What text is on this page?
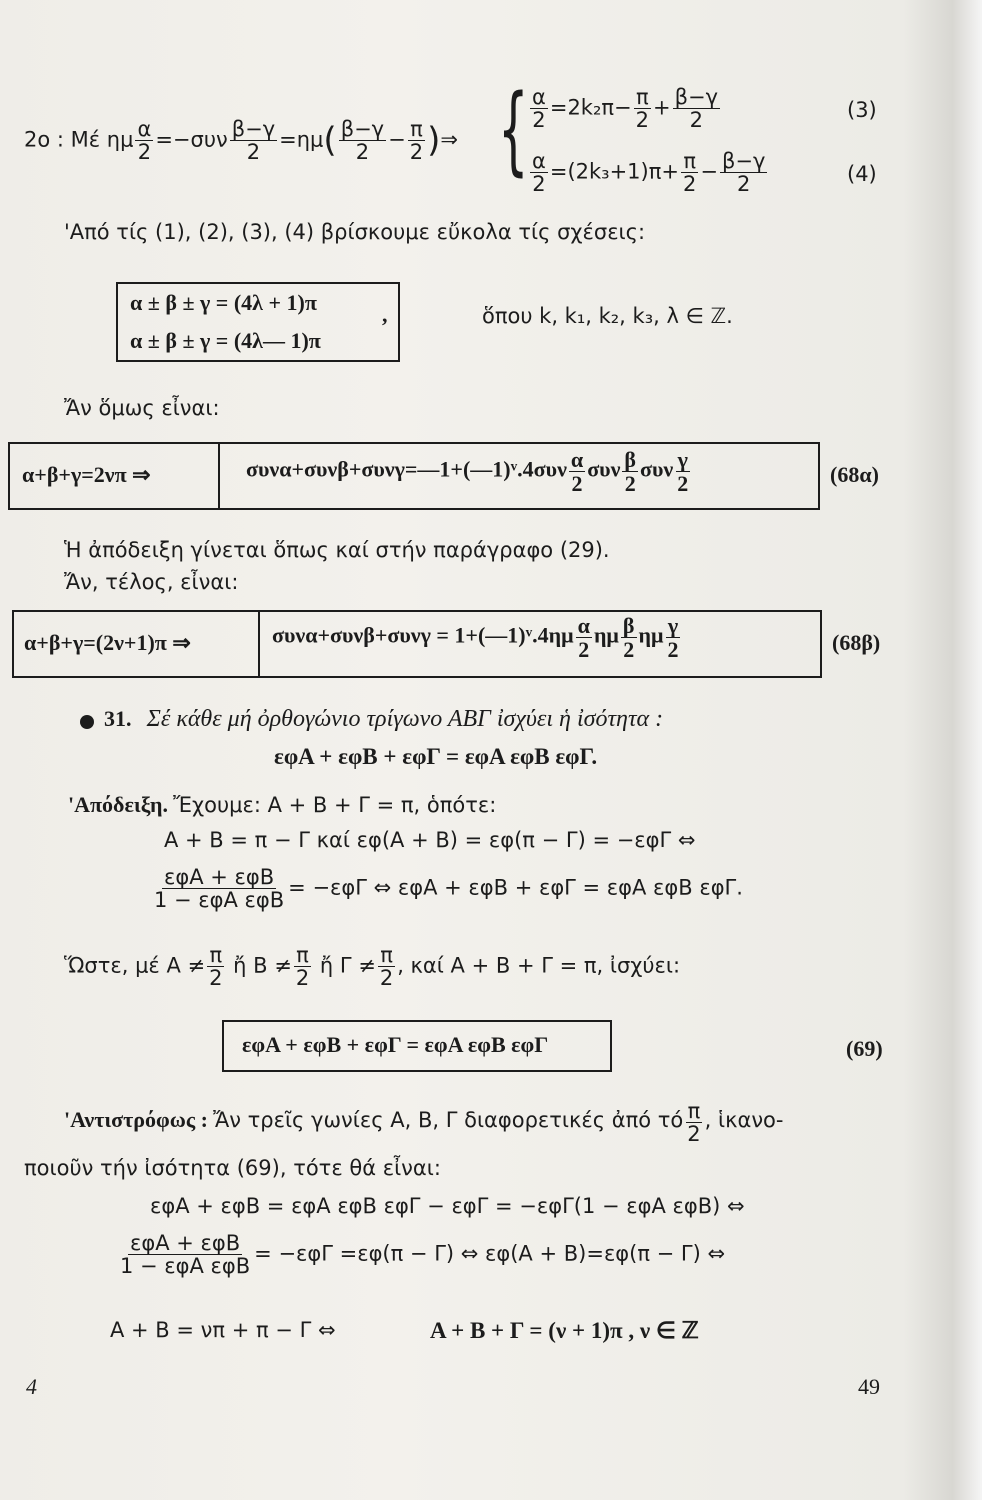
2ο : Μέ ημ $\frac{\alpha}{2} =-\sigma\upsilon\nu \frac{\beta-\gamma}{2} =\eta\mu( \frac{\beta-\gamma}{2} - \frac{\pi}{2}$ )⇒ { $\frac{\alpha}{2} =2k_2\pi- \frac{\pi}{2} + \frac{\beta-\gamma}{2}$	(3)
$\frac{\alpha}{2} =(2k_3+1)\pi+ \frac{\pi}{2} - \frac{\beta-\gamma}{2}$	(4)
'Από τίς (1), (2), (3), (4) βρίσκουμε εὔκολα τίς σχέσεις:
α ± β ± γ = (4λ + 1)π	,
α ± β ± γ = (4λ— 1)π
ὅπου k, k₁, k₂, k₃, λ ∈ ℤ.
Ἄν ὅμως εἶναι:
α+β+γ=2νπ ⇒	συνα+συνβ+συνγ=—1+(—1)ᵛ.4συν $\frac{\alpha}{2}$ συν $\frac{\beta}{2}$ συν $\frac{\gamma}{2}$	(68α)
Ἡ ἀπόδειξη γίνεται ὅπως καί στήν παράγραφο (29).
Ἄν, τέλος, εἶναι:
α+β+γ=(2ν+1)π ⇒	συνα+συνβ+συνγ = 1+(—1)ᵛ.4ημ $\frac{\alpha}{2}$ ημ $\frac{\beta}{2}$ ημ $\frac{\gamma}{2}$	(68β)
31. Σέ κάθε μή ὀρθογώνιο τρίγωνο ΑΒΓ ἰσχύει ἡ ἰσότητα :
εφΑ + εφΒ + εφΓ = εφΑ εφΒ εφΓ.
'Απόδειξη. Ἔχουμε: Α + Β + Γ = π, ὁπότε:
Α + Β = π − Γ καί εφ(Α + Β) = εφ(π − Γ) = −εφΓ ⇔
$\frac{\text{εφΑ + εφΒ}}{\text{1 − εφΑ εφΒ}} = -\varepsilon\varphi\Gamma$ ⇔ εφΑ + εφΒ + εφΓ = εφΑ εφΒ εφΓ.
Ὥστε, μέ $A \ne \frac{\pi}{2}$ ἤ $B \ne \frac{\pi}{2}$ ἤ $\Gamma \ne \frac{\pi}{2}$ , καί Α + Β + Γ = π, ἰσχύει:
εφΑ + εφΒ + εφΓ = εφΑ εφΒ εφΓ	(69)
'Αντιστρόφως : Ἄν τρεῖς γωνίες Α, Β, Γ διαφορετικές ἀπό τό $\frac{\pi}{2}$ , ἱκανο-
ποιοῦν τήν ἰσότητα (69), τότε θά εἶναι:
εφΑ + εφΒ = εφΑ εφΒ εφΓ − εφΓ = −εφΓ(1 − εφΑ εφΒ) ⇔
$\frac{\text{εφΑ + εφΒ}}{\text{1 − εφΑ εφΒ}} = -\varepsilon\varphi\Gamma =\varepsilon\varphi(\pi - \Gamma)$ ⇔ εφ(Α + Β)=εφ(π − Γ) ⇔
Α + Β = νπ + π − Γ ⇔	Α + Β + Γ = (ν + 1)π , ν ∈ ℤ
4	49
